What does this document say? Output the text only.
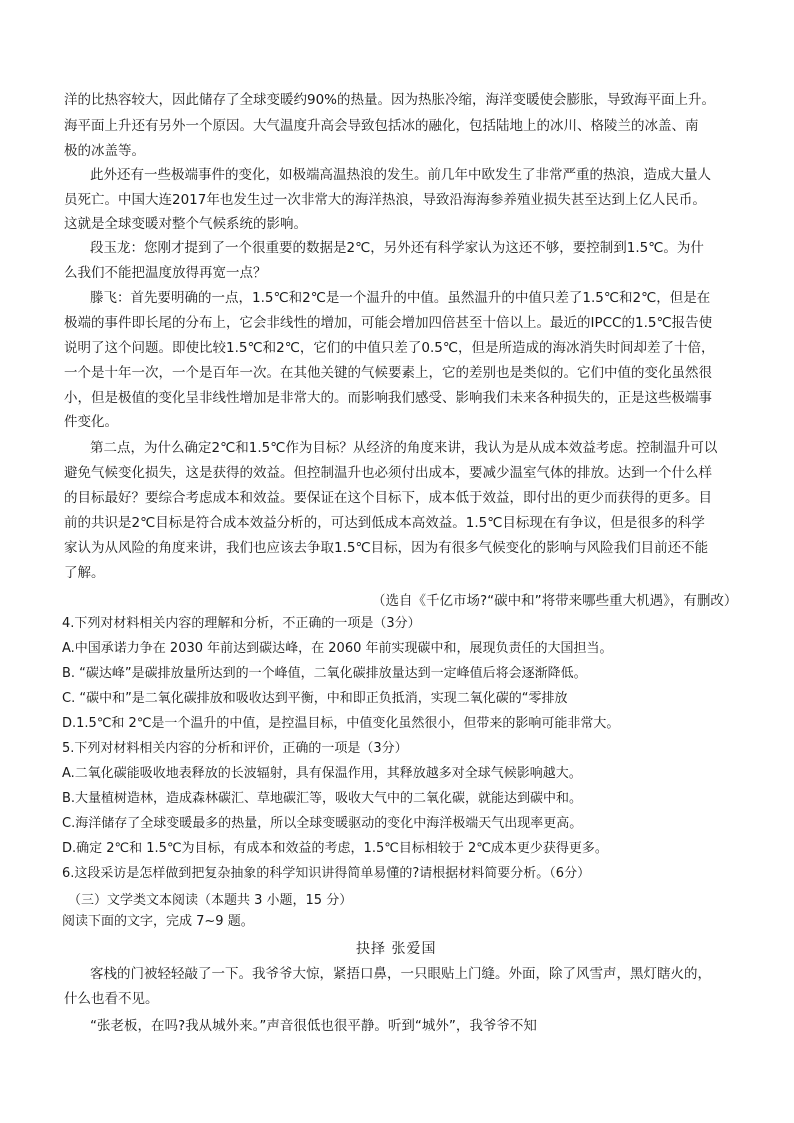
洋的比热容较大，因此储存了全球变暖约90%的热量。因为热胀冷缩，海洋变暖使会膨胀，导致海平面上升。
海平面上升还有另外一个原因。大气温度升高会导致包括冰的融化，包括陆地上的冰川、格陵兰的冰盖、南
极的冰盖等。
此外还有一些极端事件的变化，如极端高温热浪的发生。前几年中欧发生了非常严重的热浪，造成大量人
员死亡。中国大连2017年也发生过一次非常大的海洋热浪，导致沿海海参养殖业损失甚至达到上亿人民币。
这就是全球变暖对整个气候系统的影响。
段玉龙：您刚才提到了一个很重要的数据是2℃，另外还有科学家认为这还不够，要控制到1.5℃。为什
么我们不能把温度放得再宽一点？
滕飞：首先要明确的一点，1.5℃和2℃是一个温升的中值。虽然温升的中值只差了1.5℃和2℃，但是在
极端的事件即长尾的分布上，它会非线性的增加，可能会增加四倍甚至十倍以上。最近的IPCC的1.5℃报告使
说明了这个问题。即使比较1.5℃和2℃，它们的中值只差了0.5℃，但是所造成的海冰消失时间却差了十倍，
一个是十年一次，一个是百年一次。在其他关键的气候要素上，它的差别也是类似的。它们中值的变化虽然很
小，但是极值的变化呈非线性增加是非常大的。而影响我们感受、影响我们未来各种损失的，正是这些极端事
件变化。
第二点，为什么确定2℃和1.5℃作为目标？从经济的角度来讲，我认为是从成本效益考虑。控制温升可以
避免气候变化损失，这是获得的效益。但控制温升也必须付出成本，要减少温室气体的排放。达到一个什么样
的目标最好？要综合考虑成本和效益。要保证在这个目标下，成本低于效益，即付出的更少而获得的更多。目
前的共识是2℃目标是符合成本效益分析的，可达到低成本高效益。1.5℃目标现在有争议，但是很多的科学
家认为从风险的角度来讲，我们也应该去争取1.5℃目标，因为有很多气候变化的影响与风险我们目前还不能
了解。
（选自《千亿市场?“碳中和”将带来哪些重大机遇》，有删改）
4.下列对材料相关内容的理解和分析，不正确的一项是（3分）
A.中国承诺力争在 2030 年前达到碳达峰，在 2060 年前实现碳中和，展现负责任的大国担当。
B. “碳达峰”是碳排放量所达到的一个峰值，二氧化碳排放量达到一定峰值后将会逐渐降低。
C. “碳中和”是二氧化碳排放和吸收达到平衡，中和即正负抵消，实现二氧化碳的“零排放
D.1.5℃和 2℃是一个温升的中值，是控温目标，中值变化虽然很小，但带来的影响可能非常大。
5.下列对材料相关内容的分析和评价，正确的一项是（3分）
A.二氧化碳能吸收地表释放的长波辐射，具有保温作用，其释放越多对全球气候影响越大。
B.大量植树造林，造成森林碳汇、草地碳汇等，吸收大气中的二氧化碳，就能达到碳中和。
C.海洋储存了全球变暖最多的热量，所以全球变暖驱动的变化中海洋极端天气出现率更高。
D.确定 2℃和 1.5℃为目标，有成本和效益的考虑，1.5℃目标相较于 2℃成本更少获得更多。
6.这段采访是怎样做到把复杂抽象的科学知识讲得简单易懂的?请根据材料简要分析。（6分）
（三）文学类文本阅读（本题共 3 小题，15 分）
阅读下面的文字，完成 7~9 题。
抉择 张爱国
客栈的门被轻轻敲了一下。我爷爷大惊，紧捂口鼻，一只眼贴上门缝。外面，除了风雪声，黑灯瞎火的，
什么也看不见。
“张老板，在吗?我从城外来。”声音很低也很平静。听到“城外”，我爷爷不知
